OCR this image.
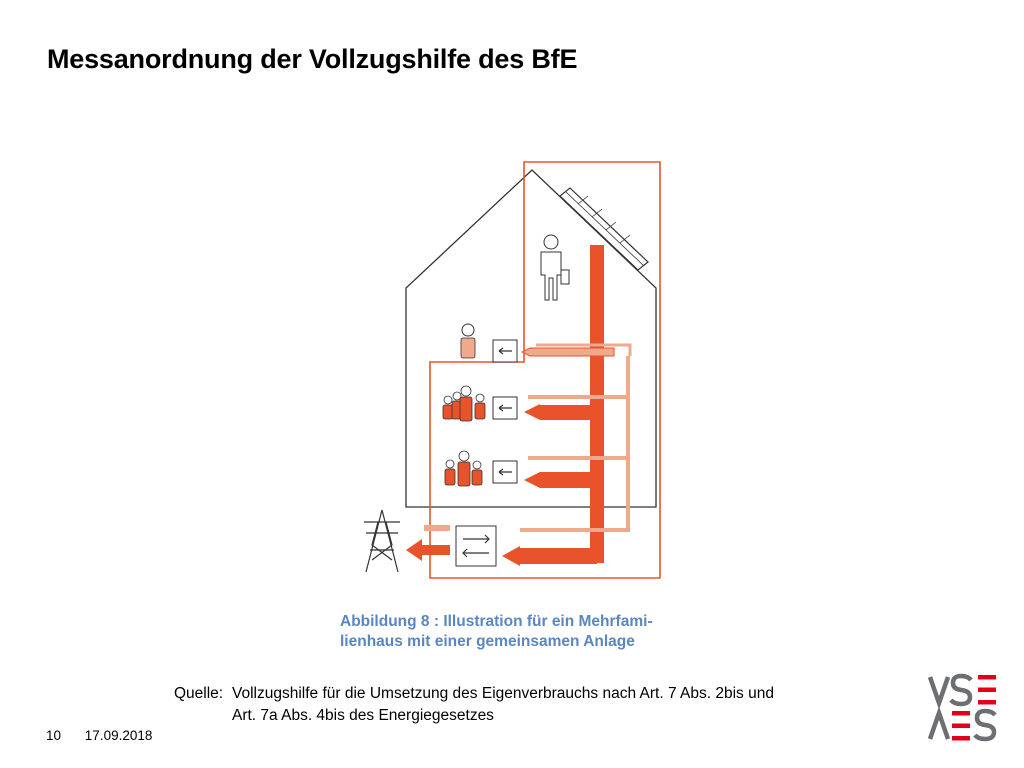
Messanordnung der Vollzugshilfe des BfE
Abbildung 8 : Illustration für ein Mehrfami-
lienhaus mit einer gemeinsamen Anlage
Quelle: Vollzugshilfe für die Umsetzung des Eigenverbrauchs nach Art. 7 Abs. 2bis und
Art. 7a Abs. 4bis des Energiegesetzes
10 17.09.2018
